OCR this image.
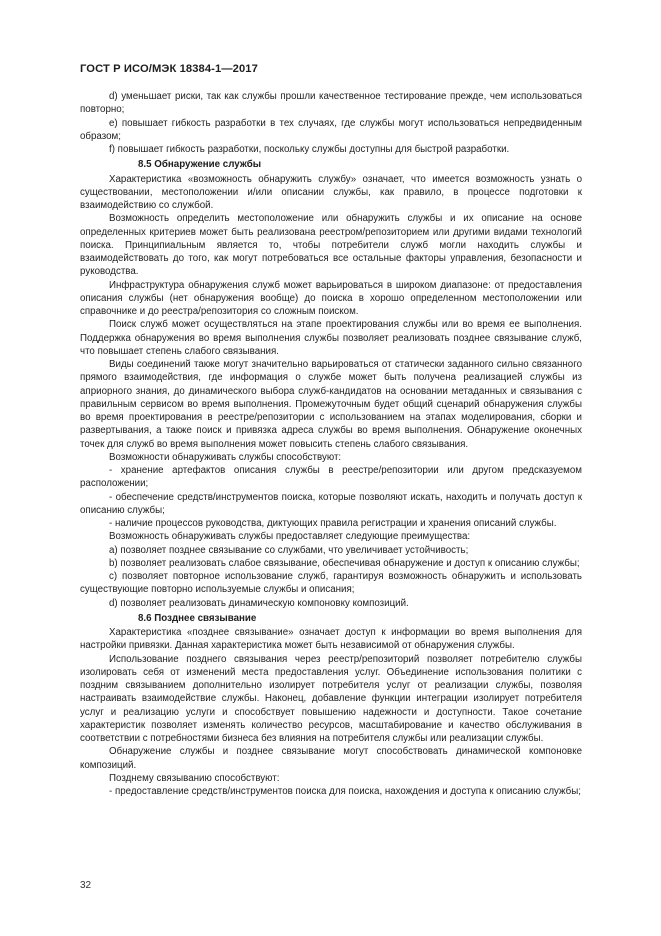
ГОСТ Р ИСО/МЭК 18384-1—2017

d) уменьшает риски, так как службы прошли качественное тестирование прежде, чем использоваться повторно;

e) повышает гибкость разработки в тех случаях, где службы могут использоваться непредвиденным образом;

f) повышает гибкость разработки, поскольку службы доступны для быстрой разработки.

8.5 Обнаружение службы

Характеристика «возможность обнаружить службу» означает, что имеется возможность узнать о существовании, местоположении и/или описании службы, как правило, в процессе подготовки к взаимодействию со службой.

Возможность определить местоположение или обнаружить службы и их описание на основе определенных критериев может быть реализована реестром/репозиторием или другими видами технологий поиска. Принципиальным является то, чтобы потребители служб могли находить службы и взаимодействовать до того, как могут потребоваться все остальные факторы управления, безопасности и руководства.

Инфраструктура обнаружения служб может варьироваться в широком диапазоне: от предоставления описания службы (нет обнаружения вообще) до поиска в хорошо определенном местоположении или справочнике и до реестра/репозитория со сложным поиском.

Поиск служб может осуществляться на этапе проектирования службы или во время ее выполнения. Поддержка обнаружения во время выполнения службы позволяет реализовать позднее связывание служб, что повышает степень слабого связывания.

Виды соединений также могут значительно варьироваться от статически заданного сильно связанного прямого взаимодействия, где информация о службе может быть получена реализацией службы из априорного знания, до динамического выбора служб-кандидатов на основании метаданных и связывания с правильным сервисом во время выполнения. Промежуточным будет общий сценарий обнаружения службы во время проектирования в реестре/репозитории с использованием на этапах моделирования, сборки и развертывания, а также поиск и привязка адреса службы во время выполнения. Обнаружение оконечных точек для служб во время выполнения может повысить степень слабого связывания.

Возможности обнаруживать службы способствуют:

- хранение артефактов описания службы в реестре/репозитории или другом предсказуемом расположении;

- обеспечение средств/инструментов поиска, которые позволяют искать, находить и получать доступ к описанию службы;

- наличие процессов руководства, диктующих правила регистрации и хранения описаний службы.

Возможность обнаруживать службы предоставляет следующие преимущества:

a) позволяет позднее связывание со службами, что увеличивает устойчивость;

b) позволяет реализовать слабое связывание, обеспечивая обнаружение и доступ к описанию службы;

c) позволяет повторное использование служб, гарантируя возможность обнаружить и использовать существующие повторно используемые службы и описания;

d) позволяет реализовать динамическую компоновку композиций.

8.6 Позднее связывание

Характеристика «позднее связывание» означает доступ к информации во время выполнения для настройки привязки. Данная характеристика может быть независимой от обнаружения службы.

Использование позднего связывания через реестр/репозиторий позволяет потребителю службы изолировать себя от изменений места предоставления услуг. Объединение использования политики с поздним связыванием дополнительно изолирует потребителя услуг от реализации службы, позволяя настраивать взаимодействие службы. Наконец, добавление функции интеграции изолирует потребителя услуг и реализацию услуги и способствует повышению надежности и доступности. Такое сочетание характеристик позволяет изменять количество ресурсов, масштабирование и качество обслуживания в соответствии с потребностями бизнеса без влияния на потребителя службы или реализации службы.

Обнаружение службы и позднее связывание могут способствовать динамической компоновке композиций.

Позднему связыванию способствуют:

- предоставление средств/инструментов поиска для поиска, нахождения и доступа к описанию службы;

32
